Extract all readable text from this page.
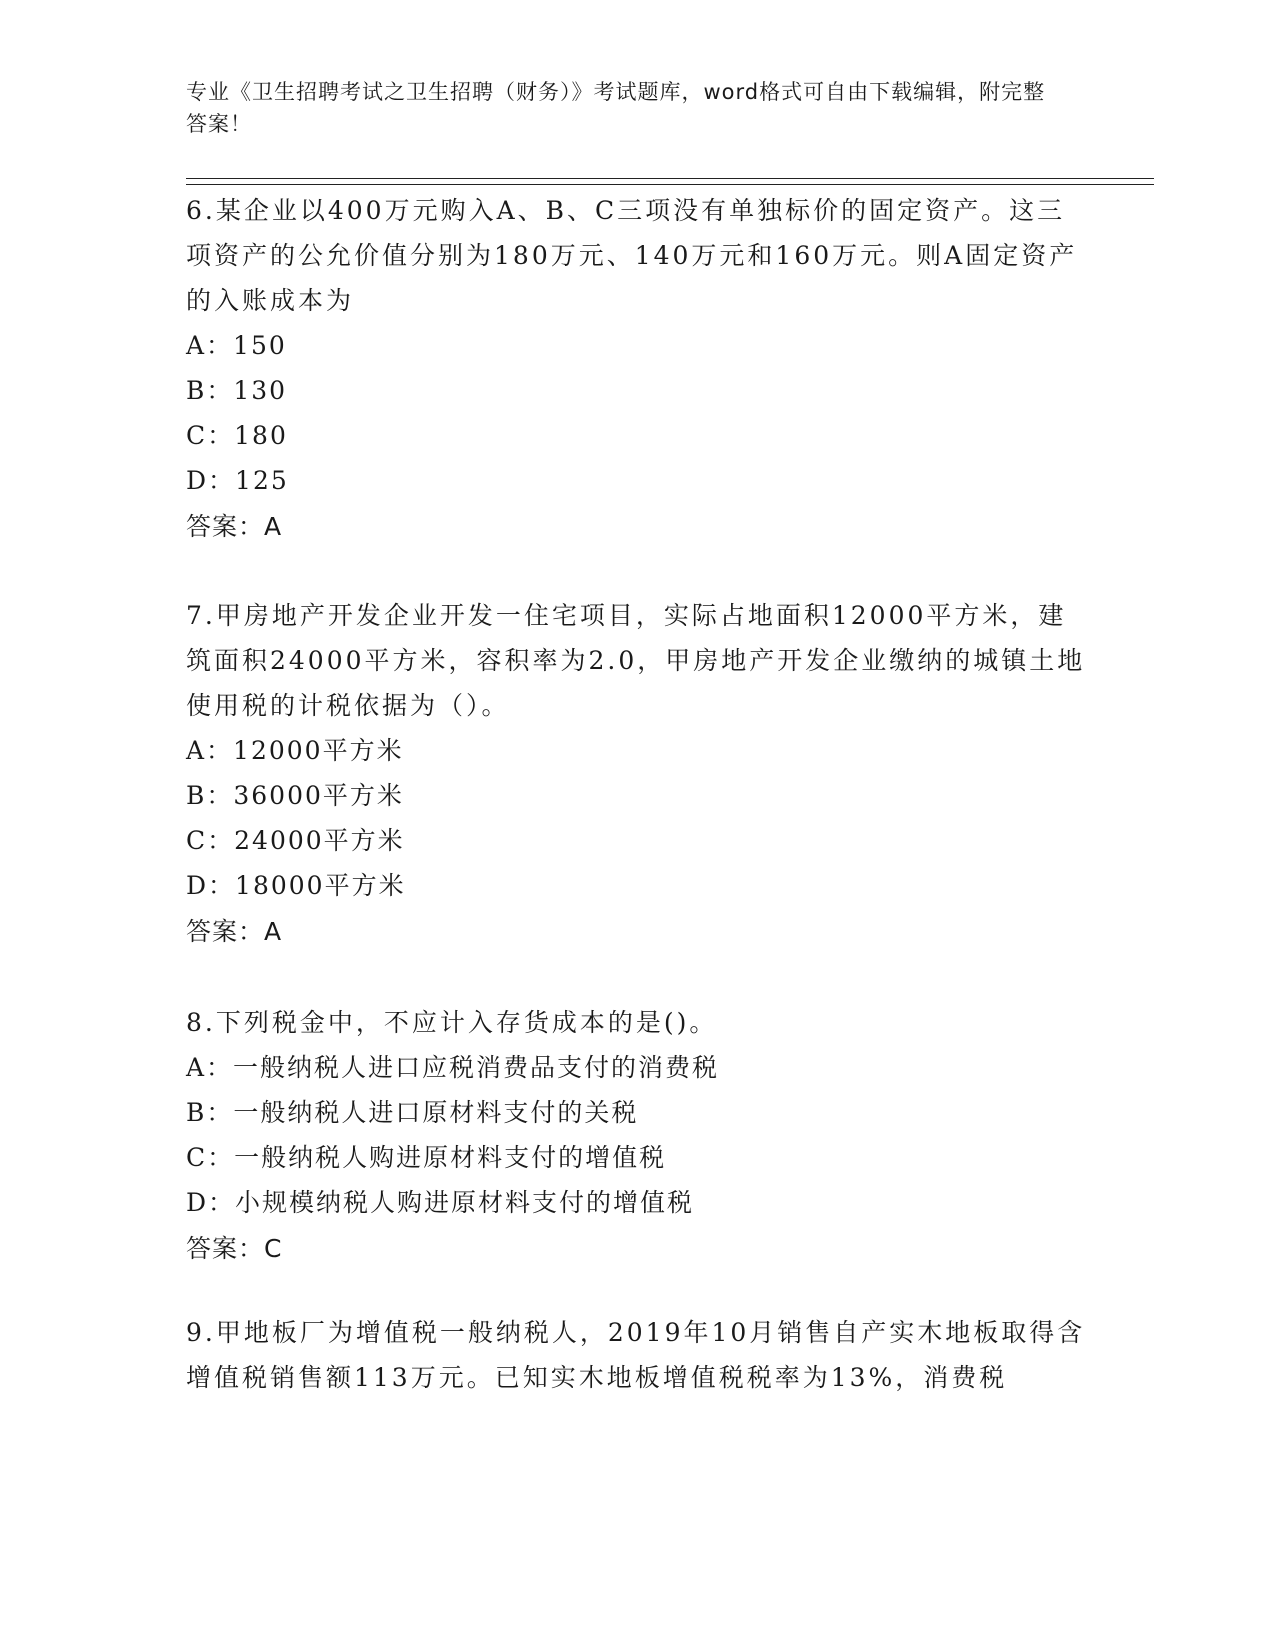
专业《卫生招聘考试之卫生招聘（财务）》考试题库，word格式可自由下载编辑，附完整答案！
6.某企业以400万元购入A、B、C三项没有单独标价的固定资产。这三项资产的公允价值分别为180万元、140万元和160万元。则A固定资产的入账成本为
A：150
B：130
C：180
D：125
答案：A
7.甲房地产开发企业开发一住宅项目，实际占地面积12000平方米，建筑面积24000平方米，容积率为2.0，甲房地产开发企业缴纳的城镇土地使用税的计税依据为（）。
A：12000平方米
B：36000平方米
C：24000平方米
D：18000平方米
答案：A
8.下列税金中，不应计入存货成本的是()。
A：一般纳税人进口应税消费品支付的消费税
B：一般纳税人进口原材料支付的关税
C：一般纳税人购进原材料支付的增值税
D：小规模纳税人购进原材料支付的增值税
答案：C
9.甲地板厂为增值税一般纳税人，2019年10月销售自产实木地板取得含增值税销售额113万元。已知实木地板增值税税率为13%，消费税
